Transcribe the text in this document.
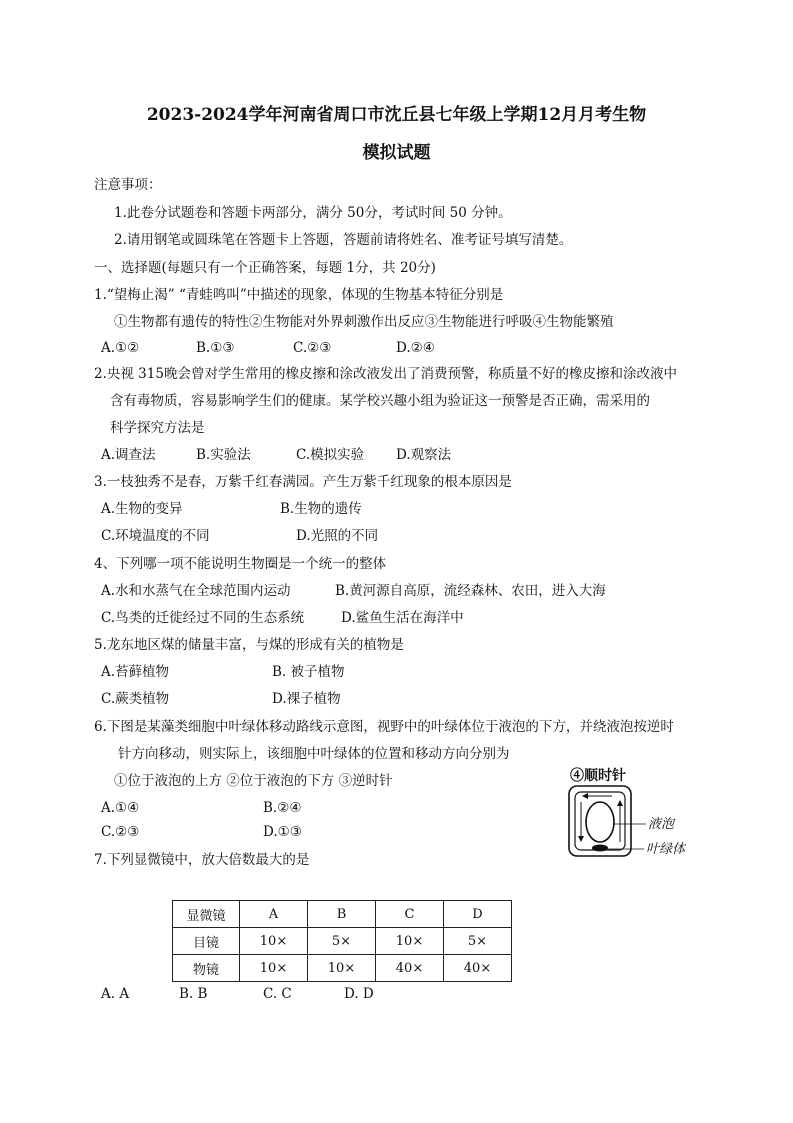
2023-2024学年河南省周口市沈丘县七年级上学期12月月考生物
模拟试题
注意事项：
1.此卷分试题卷和答题卡两部分，满分 50分，考试时间 50 分钟。
2.请用钢笔或圆珠笔在答题卡上答题，答题前请将姓名、准考证号填写清楚。
一、选择题(每题只有一个正确答案，每题 1分，共 20分)
1.“望梅止渴” “青蛙鸣叫”中描述的现象，体现的生物基本特征分别是
①生物都有遗传的特性②生物能对外界刺激作出反应③生物能进行呼吸④生物能繁殖
A.①②	B.①③	C.②③	D.②④
2.央视 315晚会曾对学生常用的橡皮擦和涂改液发出了消费预警，称质量不好的橡皮擦和涂改液中
含有毒物质，容易影响学生们的健康。某学校兴趣小组为验证这一预警是否正确，需采用的
科学探究方法是
A.调查法	B.实验法	C.模拟实验 D.观察法
3.一枝独秀不是春，万紫千红春满园。产生万紫千红现象的根本原因是
A.生物的变异	B.生物的遗传
C.环境温度的不同	D.光照的不同
4、下列哪一项不能说明生物圈是一个统一的整体
A.水和水蒸气在全球范围内运动	B.黄河源自高原，流经森林、农田，进入大海
C.鸟类的迁徙经过不同的生态系统	D.鲨鱼生活在海洋中
5.龙东地区煤的储量丰富，与煤的形成有关的植物是
A.苔藓植物	B. 被子植物
C.蕨类植物	D.裸子植物
6.下图是某藻类细胞中叶绿体移动路线示意图，视野中的叶绿体位于液泡的下方，并绕液泡按逆时
针方向移动，则实际上，该细胞中叶绿体的位置和移动方向分别为
①位于液泡的上方 ②位于液泡的下方 ③逆时针
A.①④	B.②④
C.②③	D.①③
④顺时针
液泡
叶绿体
7.下列显微镜中，放大倍数最大的是
显微镜	A	B	C	D
目镜	10×	5×	10×	5×
物镜	10×	10×	40×	40×
A. A	B. B	C. C	D. D
